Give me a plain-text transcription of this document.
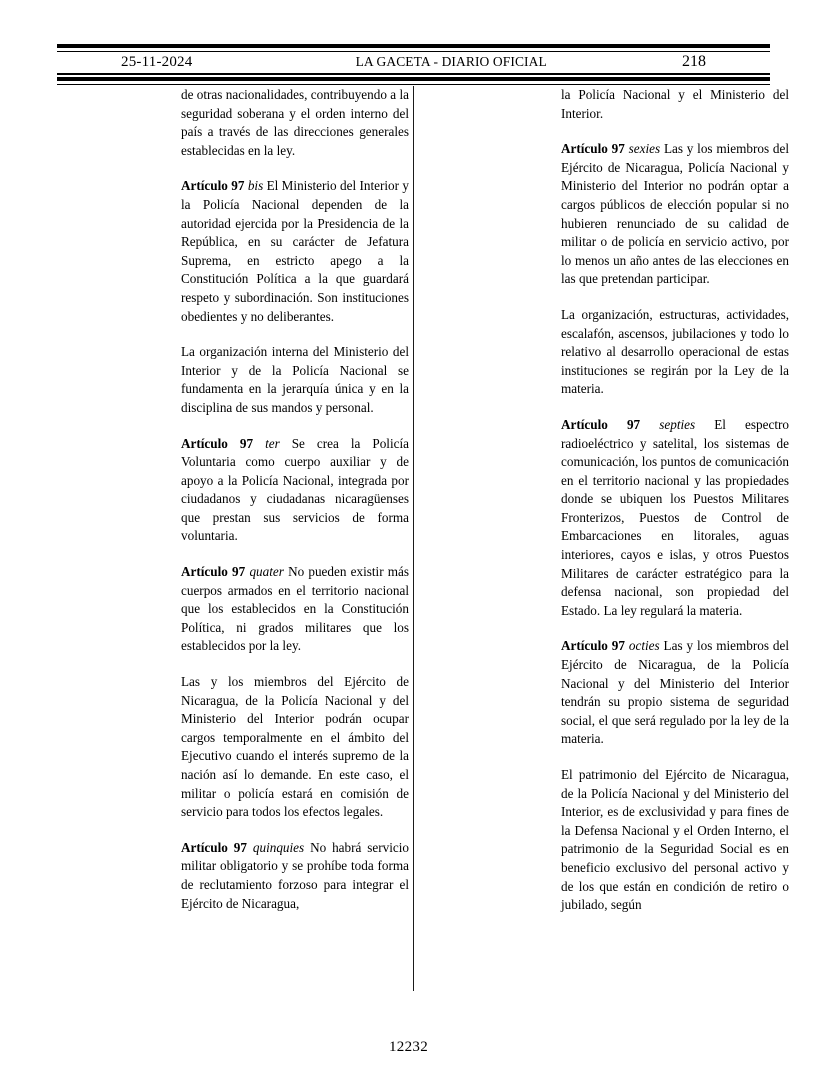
25-11-2024	LA GACETA - DIARIO OFICIAL	218

de otras nacionalidades, contribuyendo a la seguridad soberana y el orden interno del país a través de las direcciones generales establecidas en la ley.

Artículo 97 bis El Ministerio del Interior y la Policía Nacional dependen de la autoridad ejercida por la Presidencia de la República, en su carácter de Jefatura Suprema, en estricto apego a la Constitución Política a la que guardará respeto y subordinación. Son instituciones obedientes y no deliberantes.

La organización interna del Ministerio del Interior y de la Policía Nacional se fundamenta en la jerarquía única y en la disciplina de sus mandos y personal.

Artículo 97 ter Se crea la Policía Voluntaria como cuerpo auxiliar y de apoyo a la Policía Nacional, integrada por ciudadanos y ciudadanas nicaragüenses que prestan sus servicios de forma voluntaria.

Artículo 97 quater No pueden existir más cuerpos armados en el territorio nacional que los establecidos en la Constitución Política, ni grados militares que los establecidos por la ley.

Las y los miembros del Ejército de Nicaragua, de la Policía Nacional y del Ministerio del Interior podrán ocupar cargos temporalmente en el ámbito del Ejecutivo cuando el interés supremo de la nación así lo demande. En este caso, el militar o policía estará en comisión de servicio para todos los efectos legales.

Artículo 97 quinquies No habrá servicio militar obligatorio y se prohíbe toda forma de reclutamiento forzoso para integrar el Ejército de Nicaragua,

la Policía Nacional y el Ministerio del Interior.

Artículo 97 sexies Las y los miembros del Ejército de Nicaragua, Policía Nacional y Ministerio del Interior no podrán optar a cargos públicos de elección popular si no hubieren renunciado de su calidad de militar o de policía en servicio activo, por lo menos un año antes de las elecciones en las que pretendan participar.

La organización, estructuras, actividades, escalafón, ascensos, jubilaciones y todo lo relativo al desarrollo operacional de estas instituciones se regirán por la Ley de la materia.

Artículo 97 septies El espectro radioeléctrico y satelital, los sistemas de comunicación, los puntos de comunicación en el territorio nacional y las propiedades donde se ubiquen los Puestos Militares Fronterizos, Puestos de Control de Embarcaciones en litorales, aguas interiores, cayos e islas, y otros Puestos Militares de carácter estratégico para la defensa nacional, son propiedad del Estado. La ley regulará la materia.

Artículo 97 octies Las y los miembros del Ejército de Nicaragua, de la Policía Nacional y del Ministerio del Interior tendrán su propio sistema de seguridad social, el que será regulado por la ley de la materia.

El patrimonio del Ejército de Nicaragua, de la Policía Nacional y del Ministerio del Interior, es de exclusividad y para fines de la Defensa Nacional y el Orden Interno, el patrimonio de la Seguridad Social es en beneficio exclusivo del personal activo y de los que están en condición de retiro o jubilado, según

12232
